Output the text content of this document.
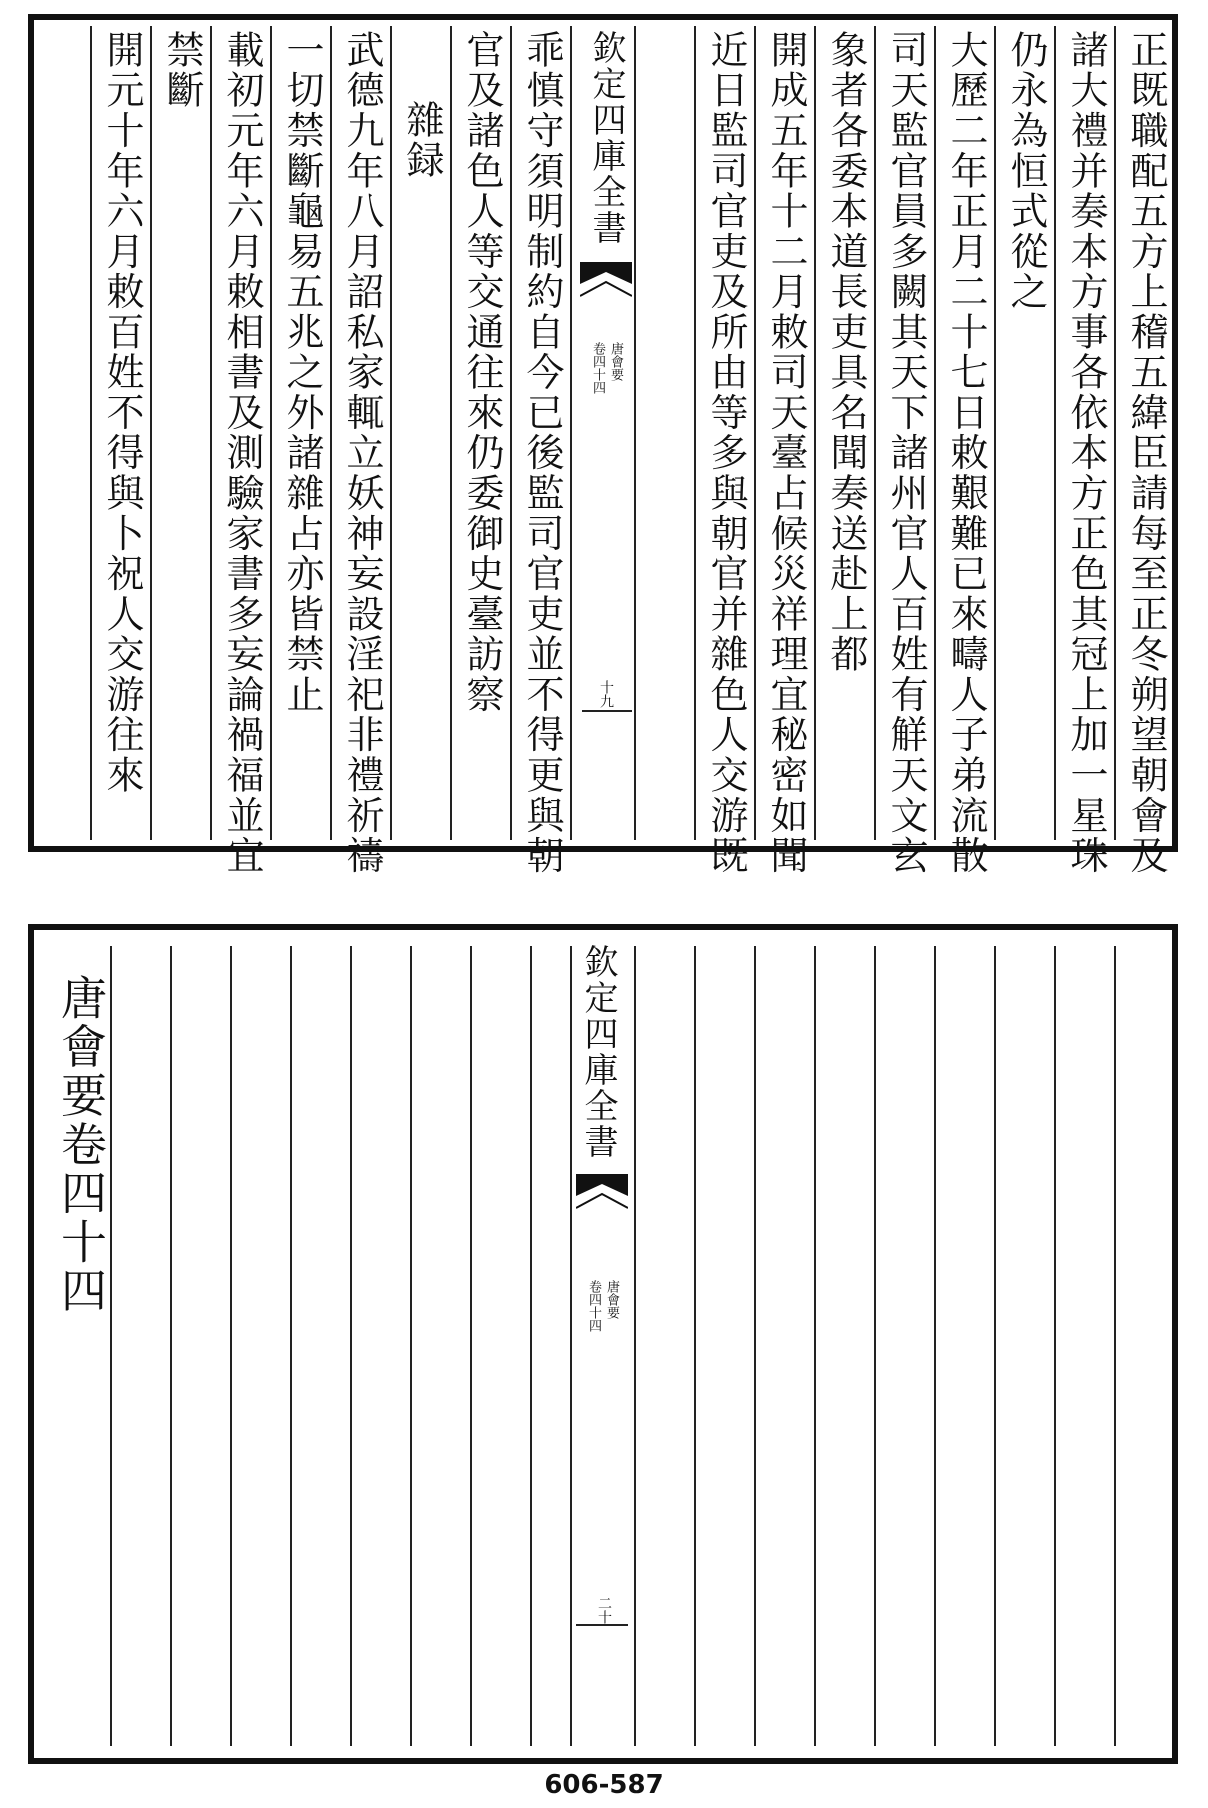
正既職配五方上稽五緯臣請每至正冬朔望朝會及
諸大禮并奏本方事各依本方正色其冠上加一星珠
仍永為恒式從之
大歷二年正月二十七日敕艱難已來疇人子弟流散
司天監官員多闕其天下諸州官人百姓有觧天文玄
象者各委本道長吏具名聞奏送赴上都
開成五年十二月敕司天臺占候災祥理宜秘密如聞
近日監司官吏及所由等多與朝官并雜色人交游既
欽定四庫全書
唐會要
卷四十四
十九
乖慎守須明制約自今已後監司官吏並不得更與朝
官及諸色人等交通往來仍委御史臺訪察
雜録
武德九年八月詔私家輒立妖神妄設淫祀非禮祈禱
一切禁斷龜易五兆之外諸雜占亦皆禁止
載初元年六月敕相書及測驗家書多妄論禍福並宜
禁斷
開元十年六月敕百姓不得與卜祝人交游往來
唐會要卷四十四	欽定四庫全書
唐會要
卷四十四
二十
606-587
